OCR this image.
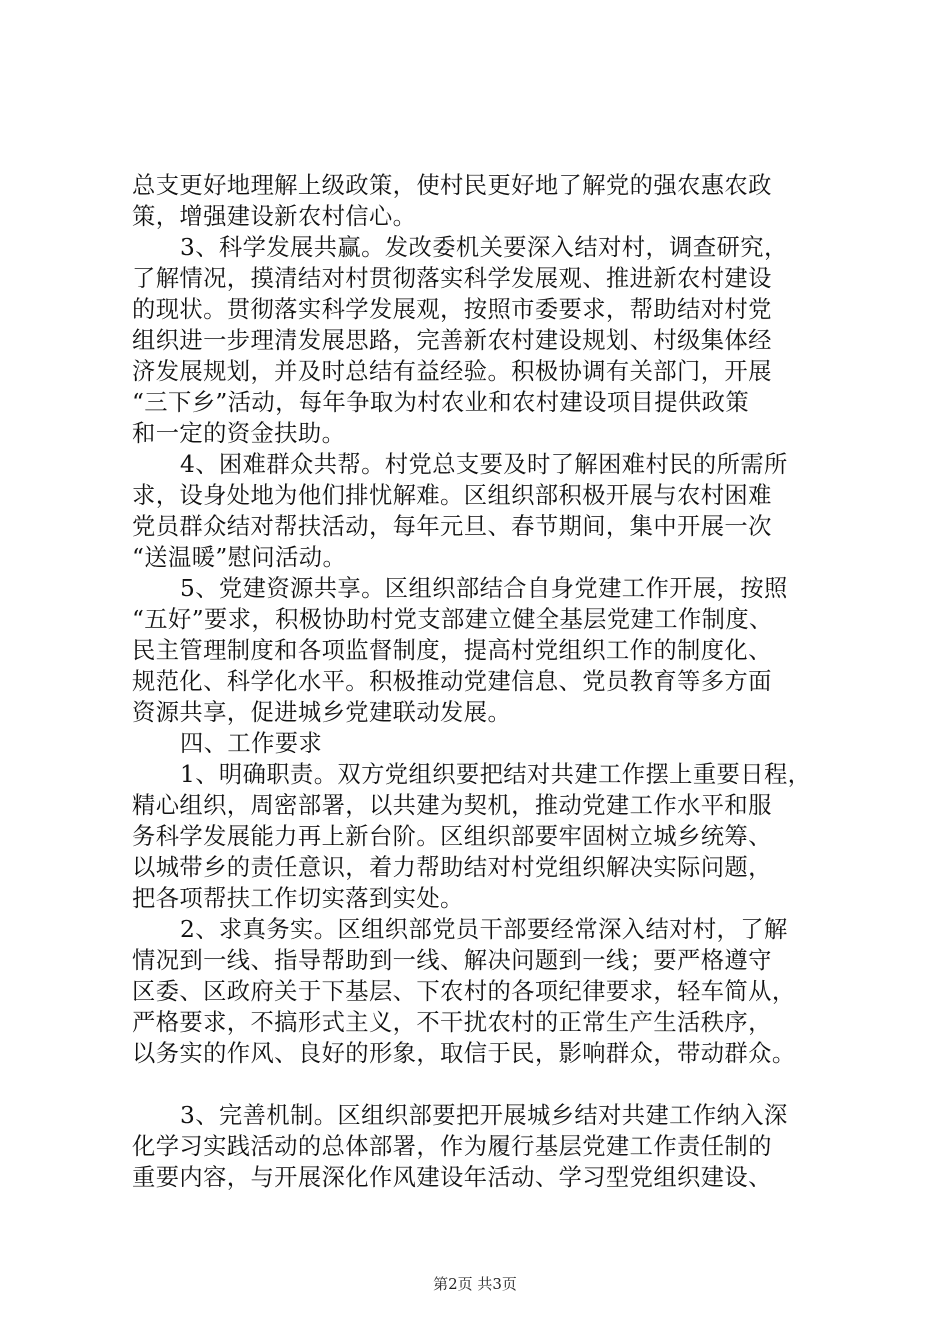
总支更好地理解上级政策，使村民更好地了解党的强农惠农政
策，增强建设新农村信心。
3、科学发展共赢。发改委机关要深入结对村，调查研究，
了解情况，摸清结对村贯彻落实科学发展观、推进新农村建设
的现状。贯彻落实科学发展观，按照市委要求，帮助结对村党
组织进一步理清发展思路，完善新农村建设规划、村级集体经
济发展规划，并及时总结有益经验。积极协调有关部门，开展
“三下乡”活动，每年争取为村农业和农村建设项目提供政策
和一定的资金扶助。
4、困难群众共帮。村党总支要及时了解困难村民的所需所
求，设身处地为他们排忧解难。区组织部积极开展与农村困难
党员群众结对帮扶活动，每年元旦、春节期间，集中开展一次
“送温暖”慰问活动。
5、党建资源共享。区组织部结合自身党建工作开展，按照
“五好”要求，积极协助村党支部建立健全基层党建工作制度、
民主管理制度和各项监督制度，提高村党组织工作的制度化、
规范化、科学化水平。积极推动党建信息、党员教育等多方面
资源共享，促进城乡党建联动发展。
四、工作要求
1、明确职责。双方党组织要把结对共建工作摆上重要日程，
精心组织，周密部署，以共建为契机，推动党建工作水平和服
务科学发展能力再上新台阶。区组织部要牢固树立城乡统筹、
以城带乡的责任意识，着力帮助结对村党组织解决实际问题，
把各项帮扶工作切实落到实处。
2、求真务实。区组织部党员干部要经常深入结对村，了解
情况到一线、指导帮助到一线、解决问题到一线；要严格遵守
区委、区政府关于下基层、下农村的各项纪律要求，轻车简从，
严格要求，不搞形式主义，不干扰农村的正常生产生活秩序，
以务实的作风、良好的形象，取信于民，影响群众，带动群众。
3、完善机制。区组织部要把开展城乡结对共建工作纳入深
化学习实践活动的总体部署，作为履行基层党建工作责任制的
重要内容，与开展深化作风建设年活动、学习型党组织建设、
第2页 共3页
